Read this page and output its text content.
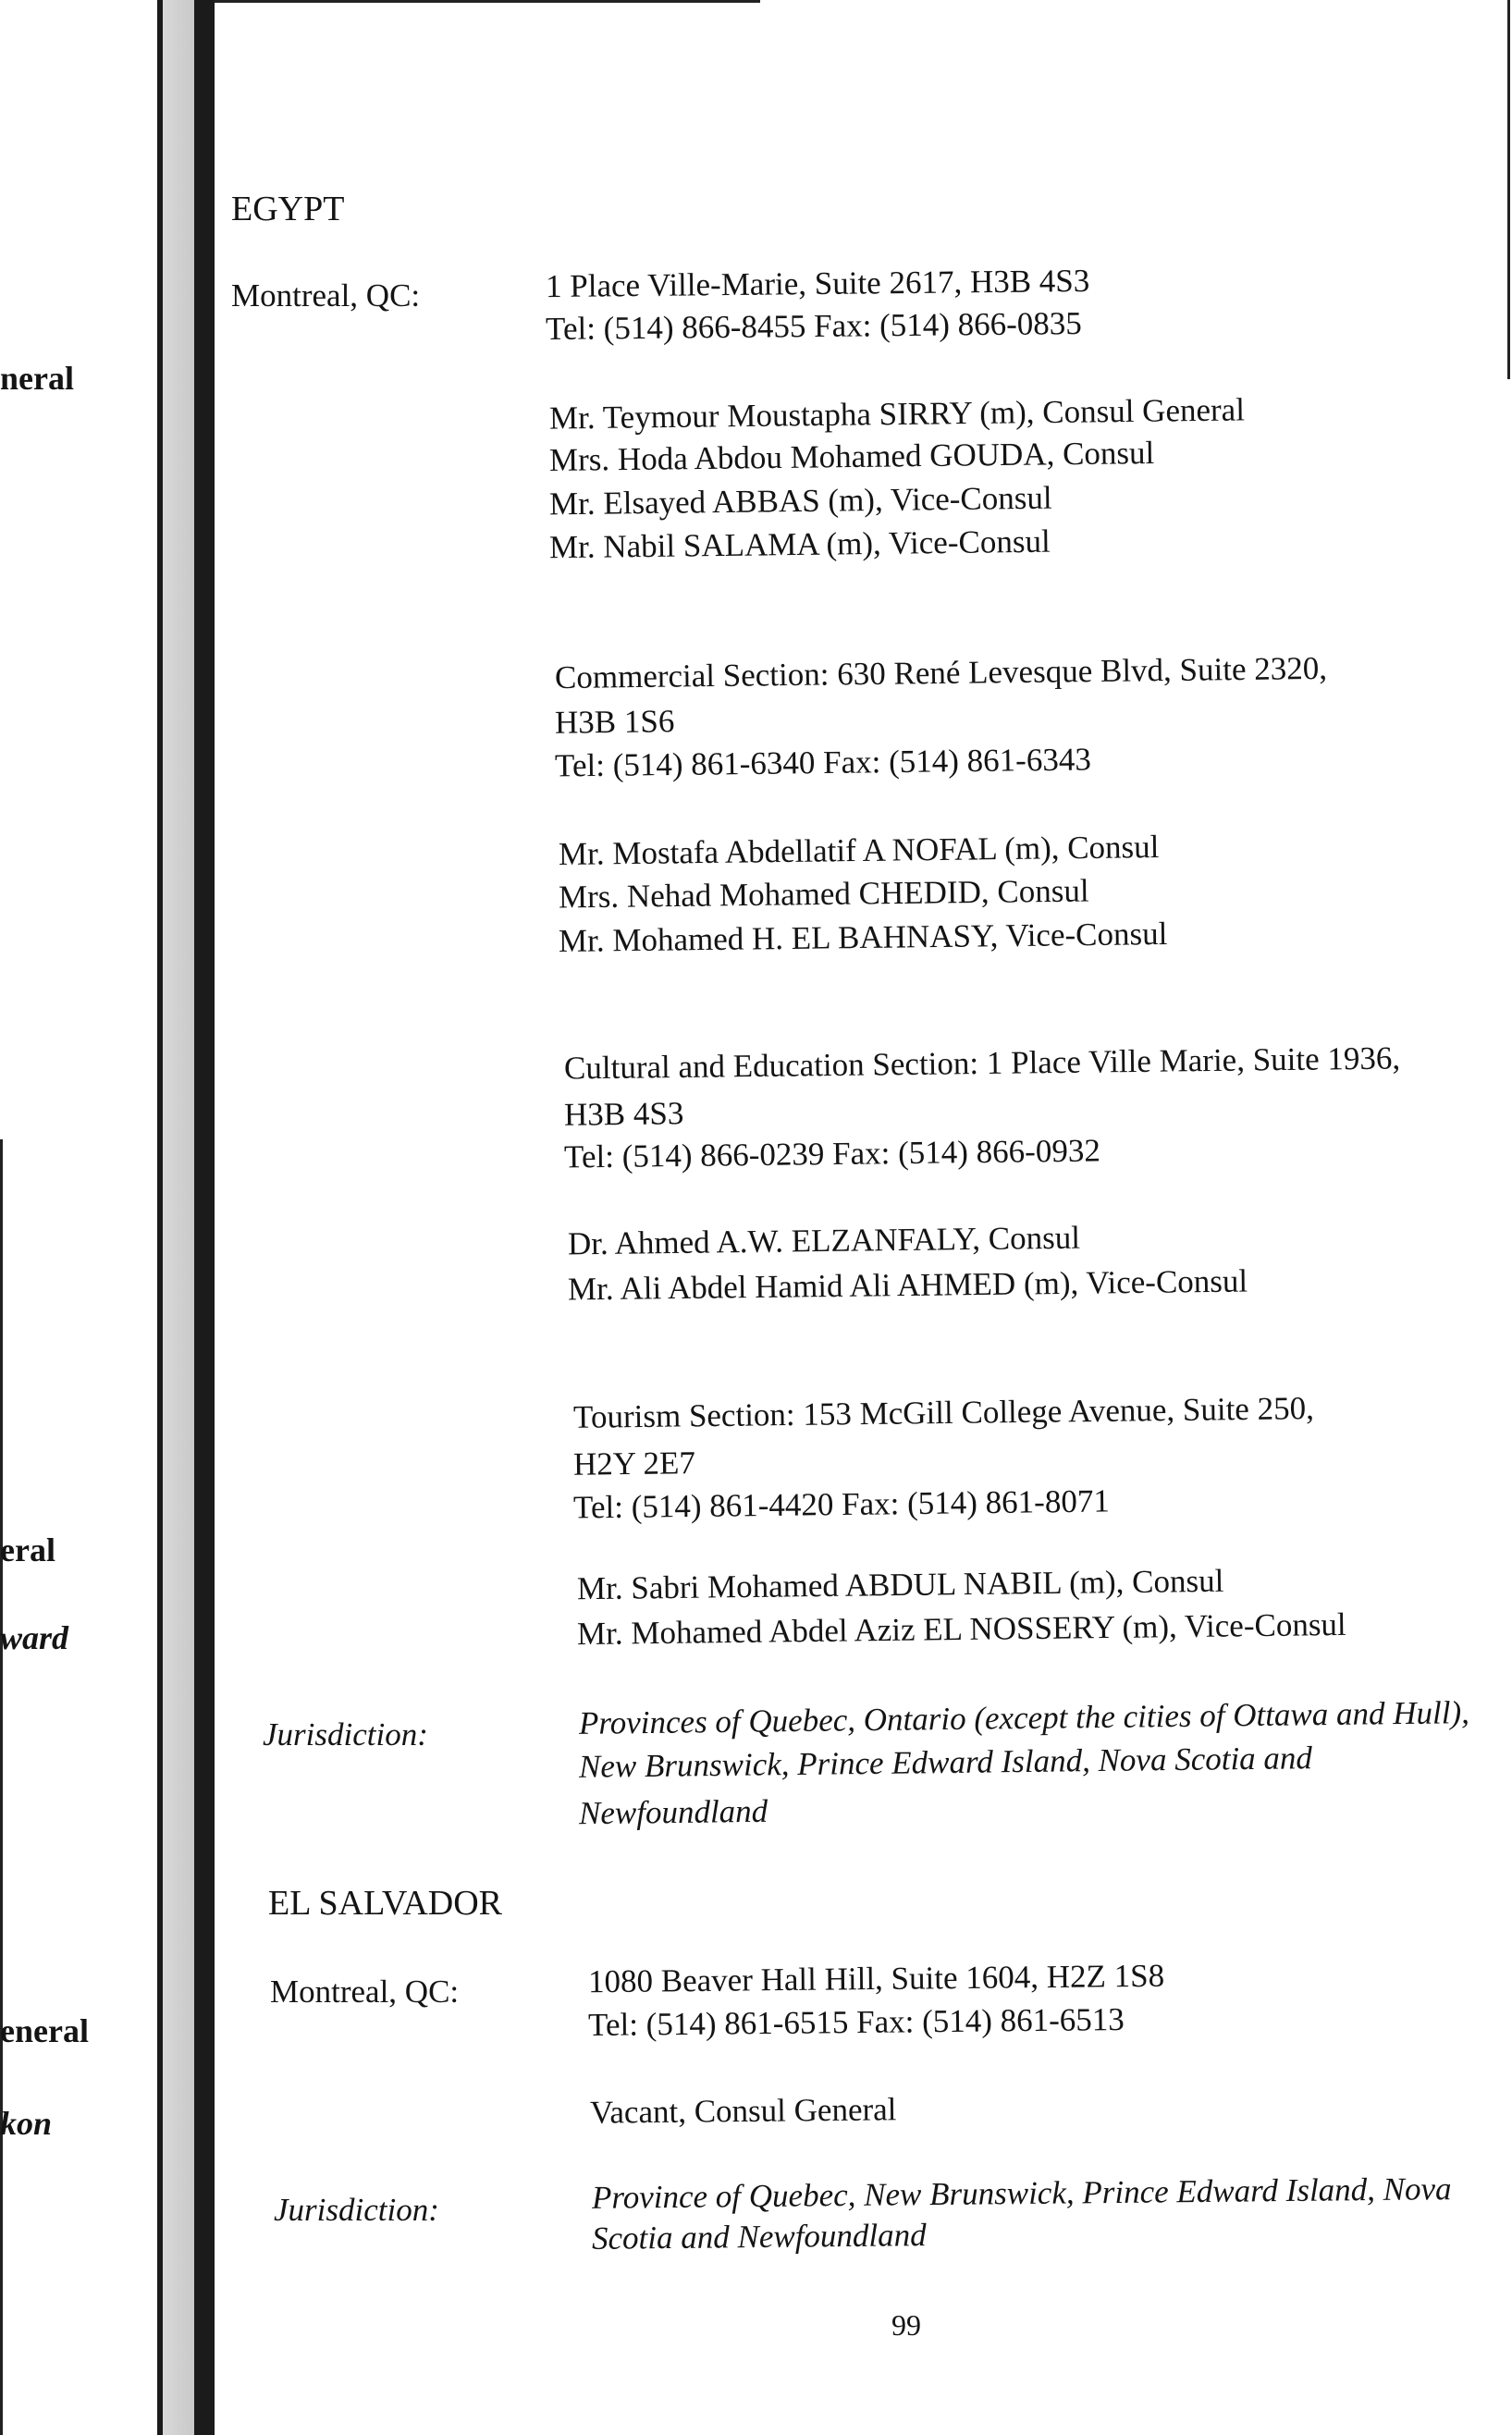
neral
eral
ward
eneral
kon
EGYPT
Montreal, QC:	1 Place Ville-Marie, Suite 2617, H3B 4S3
Tel: (514) 866-8455 Fax: (514) 866-0835
Mr. Teymour Moustapha SIRRY (m), Consul General
Mrs. Hoda Abdou Mohamed GOUDA, Consul
Mr. Elsayed ABBAS (m), Vice-Consul
Mr. Nabil SALAMA (m), Vice-Consul
Commercial Section: 630 René Levesque Blvd, Suite 2320,
H3B 1S6
Tel: (514) 861-6340 Fax: (514) 861-6343
Mr. Mostafa Abdellatif A NOFAL (m), Consul
Mrs. Nehad Mohamed CHEDID, Consul
Mr. Mohamed H. EL BAHNASY, Vice-Consul
Cultural and Education Section: 1 Place Ville Marie, Suite 1936,
H3B 4S3
Tel: (514) 866-0239 Fax: (514) 866-0932
Dr. Ahmed A.W. ELZANFALY, Consul
Mr. Ali Abdel Hamid Ali AHMED (m), Vice-Consul
Tourism Section: 153 McGill College Avenue, Suite 250,
H2Y 2E7
Tel: (514) 861-4420 Fax: (514) 861-8071
Mr. Sabri Mohamed ABDUL NABIL (m), Consul
Mr. Mohamed Abdel Aziz EL NOSSERY (m), Vice-Consul
Jurisdiction:	Provinces of Quebec, Ontario (except the cities of Ottawa and Hull),
New Brunswick, Prince Edward Island, Nova Scotia and
Newfoundland
EL SALVADOR
Montreal, QC:	1080 Beaver Hall Hill, Suite 1604, H2Z 1S8
Tel: (514) 861-6515 Fax: (514) 861-6513
Vacant, Consul General
Jurisdiction:	Province of Quebec, New Brunswick, Prince Edward Island, Nova
Scotia and Newfoundland
99
